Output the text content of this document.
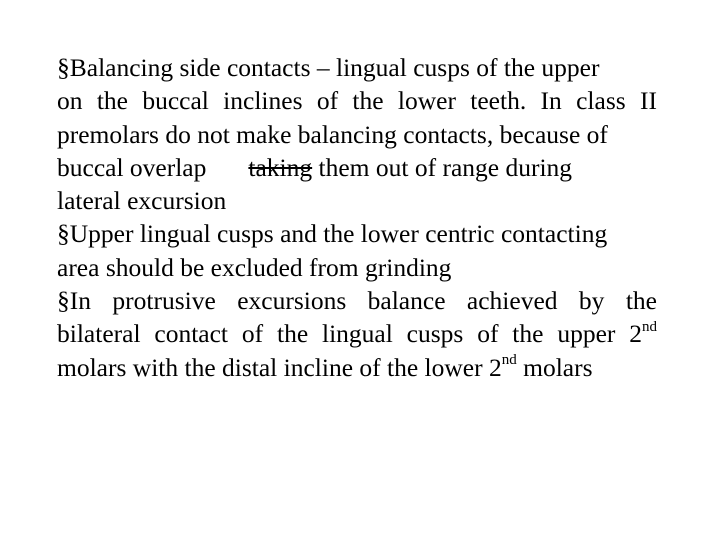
§Balancing side contacts – lingual cusps of the upper
on the buccal inclines of the lower teeth. In class II
premolars do not make balancing contacts, because of
buccal overlap taking them out of range during
lateral excursion
§Upper lingual cusps and the lower centric contacting
area should be excluded from grinding
§In protrusive excursions balance achieved by the
bilateral contact of the lingual cusps of the upper 2nd
molars with the distal incline of the lower 2nd molars
